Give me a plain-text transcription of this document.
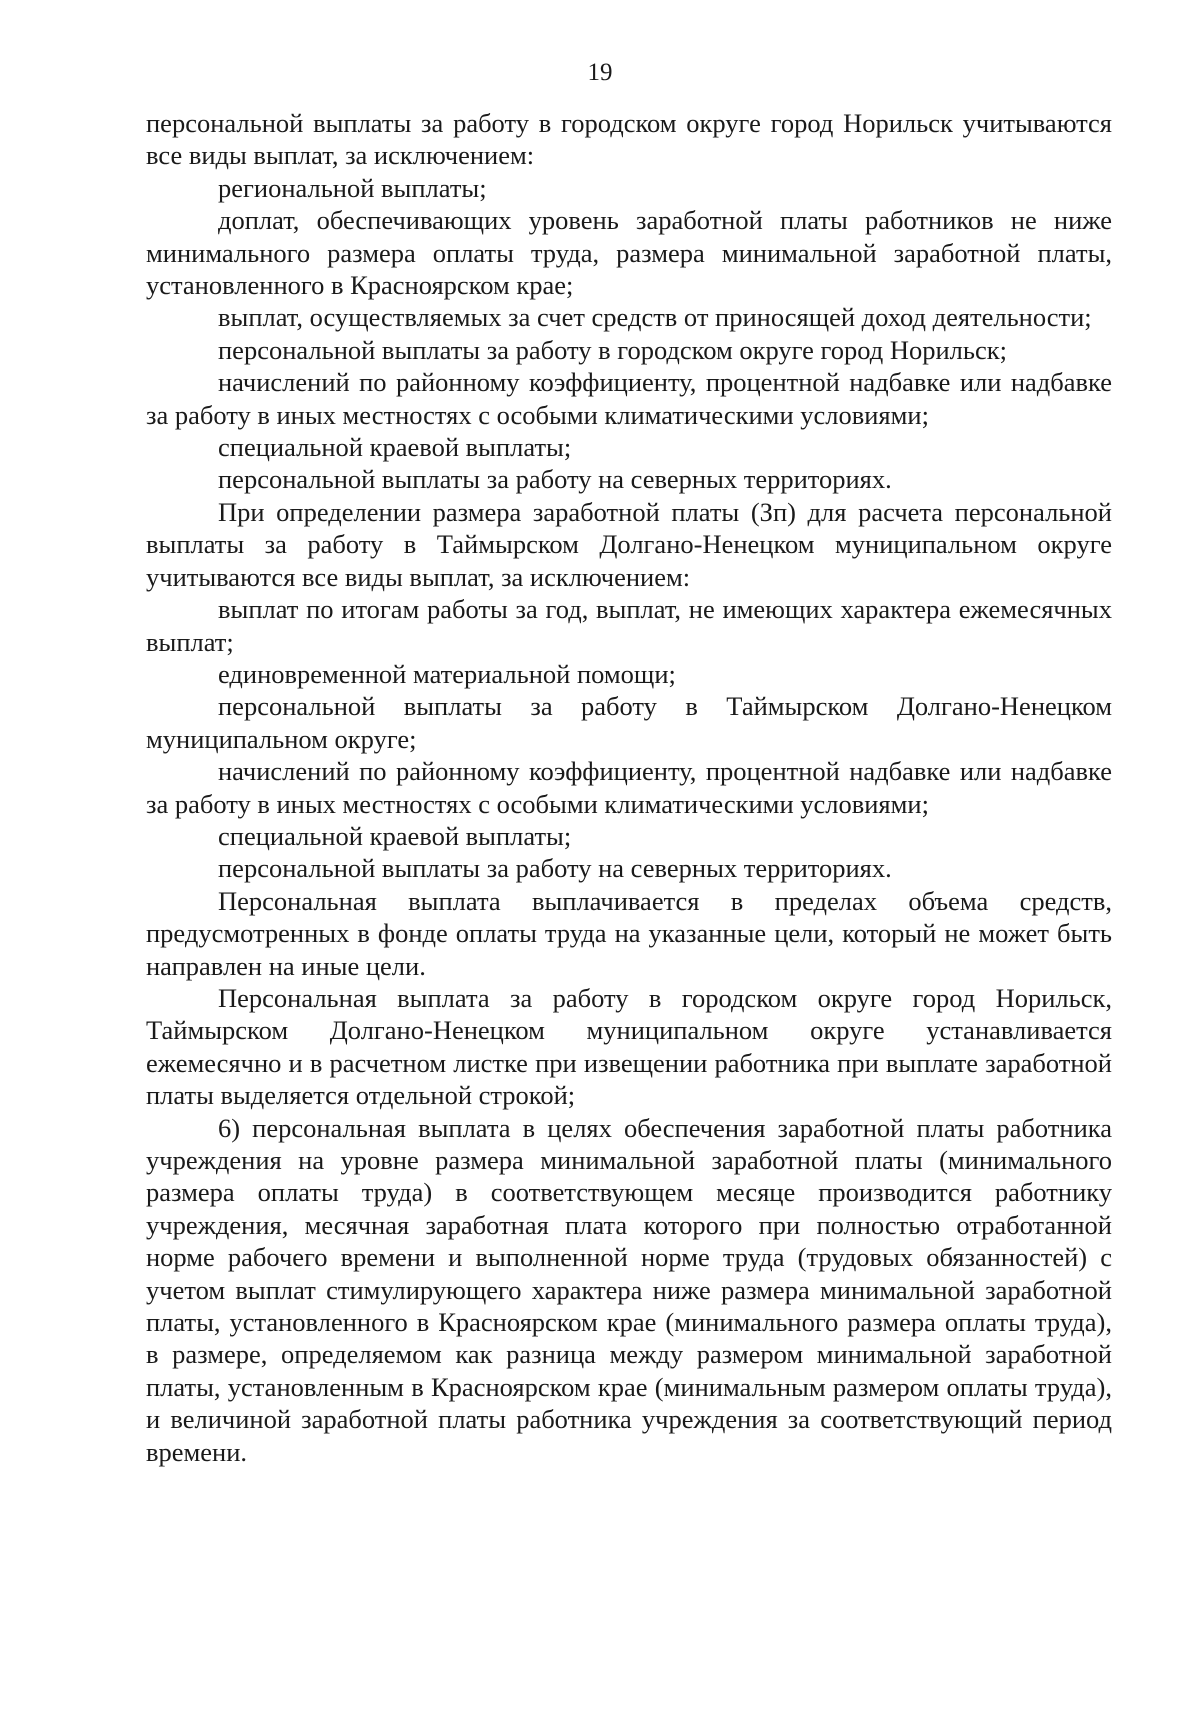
19

персональной выплаты за работу в городском округе город Норильск учитываются все виды выплат, за исключением:

региональной выплаты;

доплат, обеспечивающих уровень заработной платы работников не ниже минимального размера оплаты труда, размера минимальной заработной платы, установленного в Красноярском крае;

выплат, осуществляемых за счет средств от приносящей доход деятельности;

персональной выплаты за работу в городском округе город Норильск;

начислений по районному коэффициенту, процентной надбавке или надбавке за работу в иных местностях с особыми климатическими условиями;

специальной краевой выплаты;

персональной выплаты за работу на северных территориях.

При определении размера заработной платы (Зп) для расчета персональной выплаты за работу в Таймырском Долгано-Ненецком муниципальном округе учитываются все виды выплат, за исключением:

выплат по итогам работы за год, выплат, не имеющих характера ежемесячных выплат;

единовременной материальной помощи;

персональной выплаты за работу в Таймырском Долгано-Ненецком муниципальном округе;

начислений по районному коэффициенту, процентной надбавке или надбавке за работу в иных местностях с особыми климатическими условиями;

специальной краевой выплаты;

персональной выплаты за работу на северных территориях.

Персональная выплата выплачивается в пределах объема средств, предусмотренных в фонде оплаты труда на указанные цели, который не может быть направлен на иные цели.

Персональная выплата за работу в городском округе город Норильск, Таймырском Долгано-Ненецком муниципальном округе устанавливается ежемесячно и в расчетном листке при извещении работника при выплате заработной платы выделяется отдельной строкой;

6) персональная выплата в целях обеспечения заработной платы работника учреждения на уровне размера минимальной заработной платы (минимального размера оплаты труда) в соответствующем месяце производится работнику учреждения, месячная заработная плата которого при полностью отработанной норме рабочего времени и выполненной норме труда (трудовых обязанностей) с учетом выплат стимулирующего характера ниже размера минимальной заработной платы, установленного в Красноярском крае (минимального размера оплаты труда), в размере, определяемом как разница между размером минимальной заработной платы, установленным в Красноярском крае (минимальным размером оплаты труда), и величиной заработной платы работника учреждения за соответствующий период времени.
